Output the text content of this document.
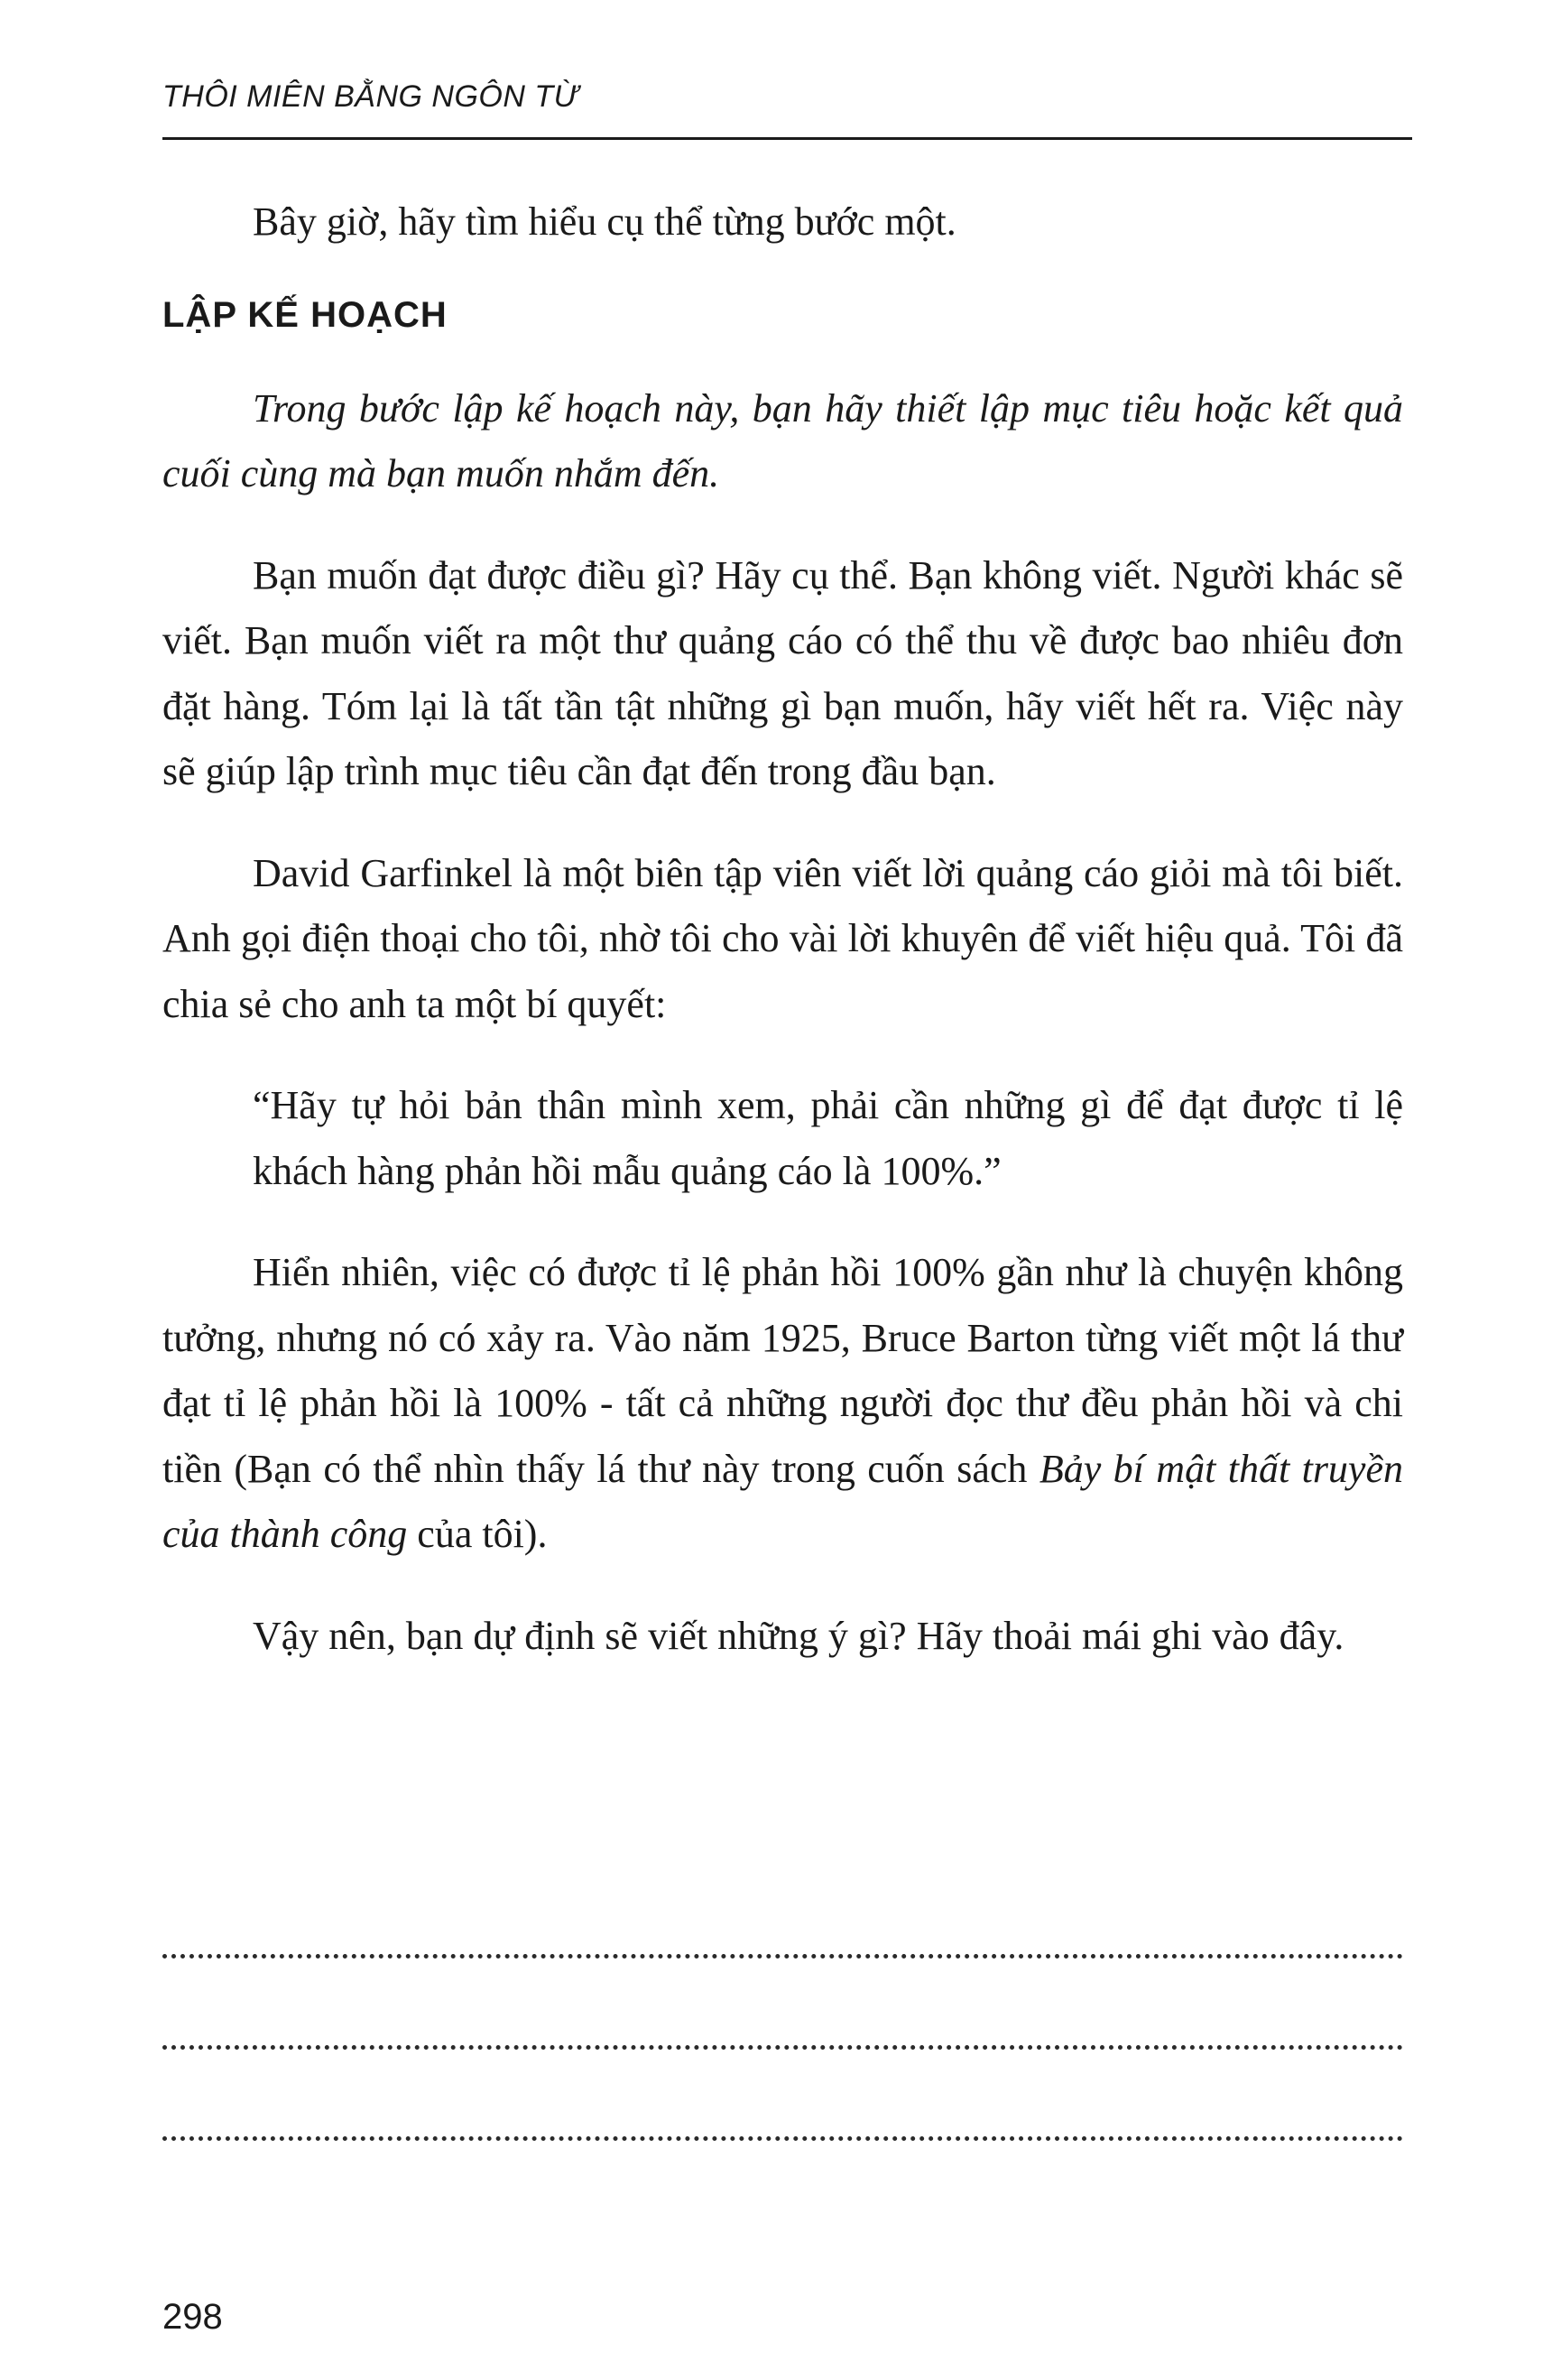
THÔI MIÊN BẰNG NGÔN TỪ

Bây giờ, hãy tìm hiểu cụ thể từng bước một.

LẬP KẾ HOẠCH

Trong bước lập kế hoạch này, bạn hãy thiết lập mục tiêu hoặc kết quả cuối cùng mà bạn muốn nhắm đến.

Bạn muốn đạt được điều gì? Hãy cụ thể. Bạn không viết. Người khác sẽ viết. Bạn muốn viết ra một thư quảng cáo có thể thu về được bao nhiêu đơn đặt hàng. Tóm lại là tất tần tật những gì bạn muốn, hãy viết hết ra. Việc này sẽ giúp lập trình mục tiêu cần đạt đến trong đầu bạn.

David Garfinkel là một biên tập viên viết lời quảng cáo giỏi mà tôi biết. Anh gọi điện thoại cho tôi, nhờ tôi cho vài lời khuyên để viết hiệu quả. Tôi đã chia sẻ cho anh ta một bí quyết:

“Hãy tự hỏi bản thân mình xem, phải cần những gì để đạt được tỉ lệ khách hàng phản hồi mẫu quảng cáo là 100%.”

Hiển nhiên, việc có được tỉ lệ phản hồi 100% gần như là chuyện không tưởng, nhưng nó có xảy ra. Vào năm 1925, Bruce Barton từng viết một lá thư đạt tỉ lệ phản hồi là 100% - tất cả những người đọc thư đều phản hồi và chi tiền (Bạn có thể nhìn thấy lá thư này trong cuốn sách Bảy bí mật thất truyền của thành công của tôi).

Vậy nên, bạn dự định sẽ viết những ý gì? Hãy thoải mái ghi vào đây.

298
